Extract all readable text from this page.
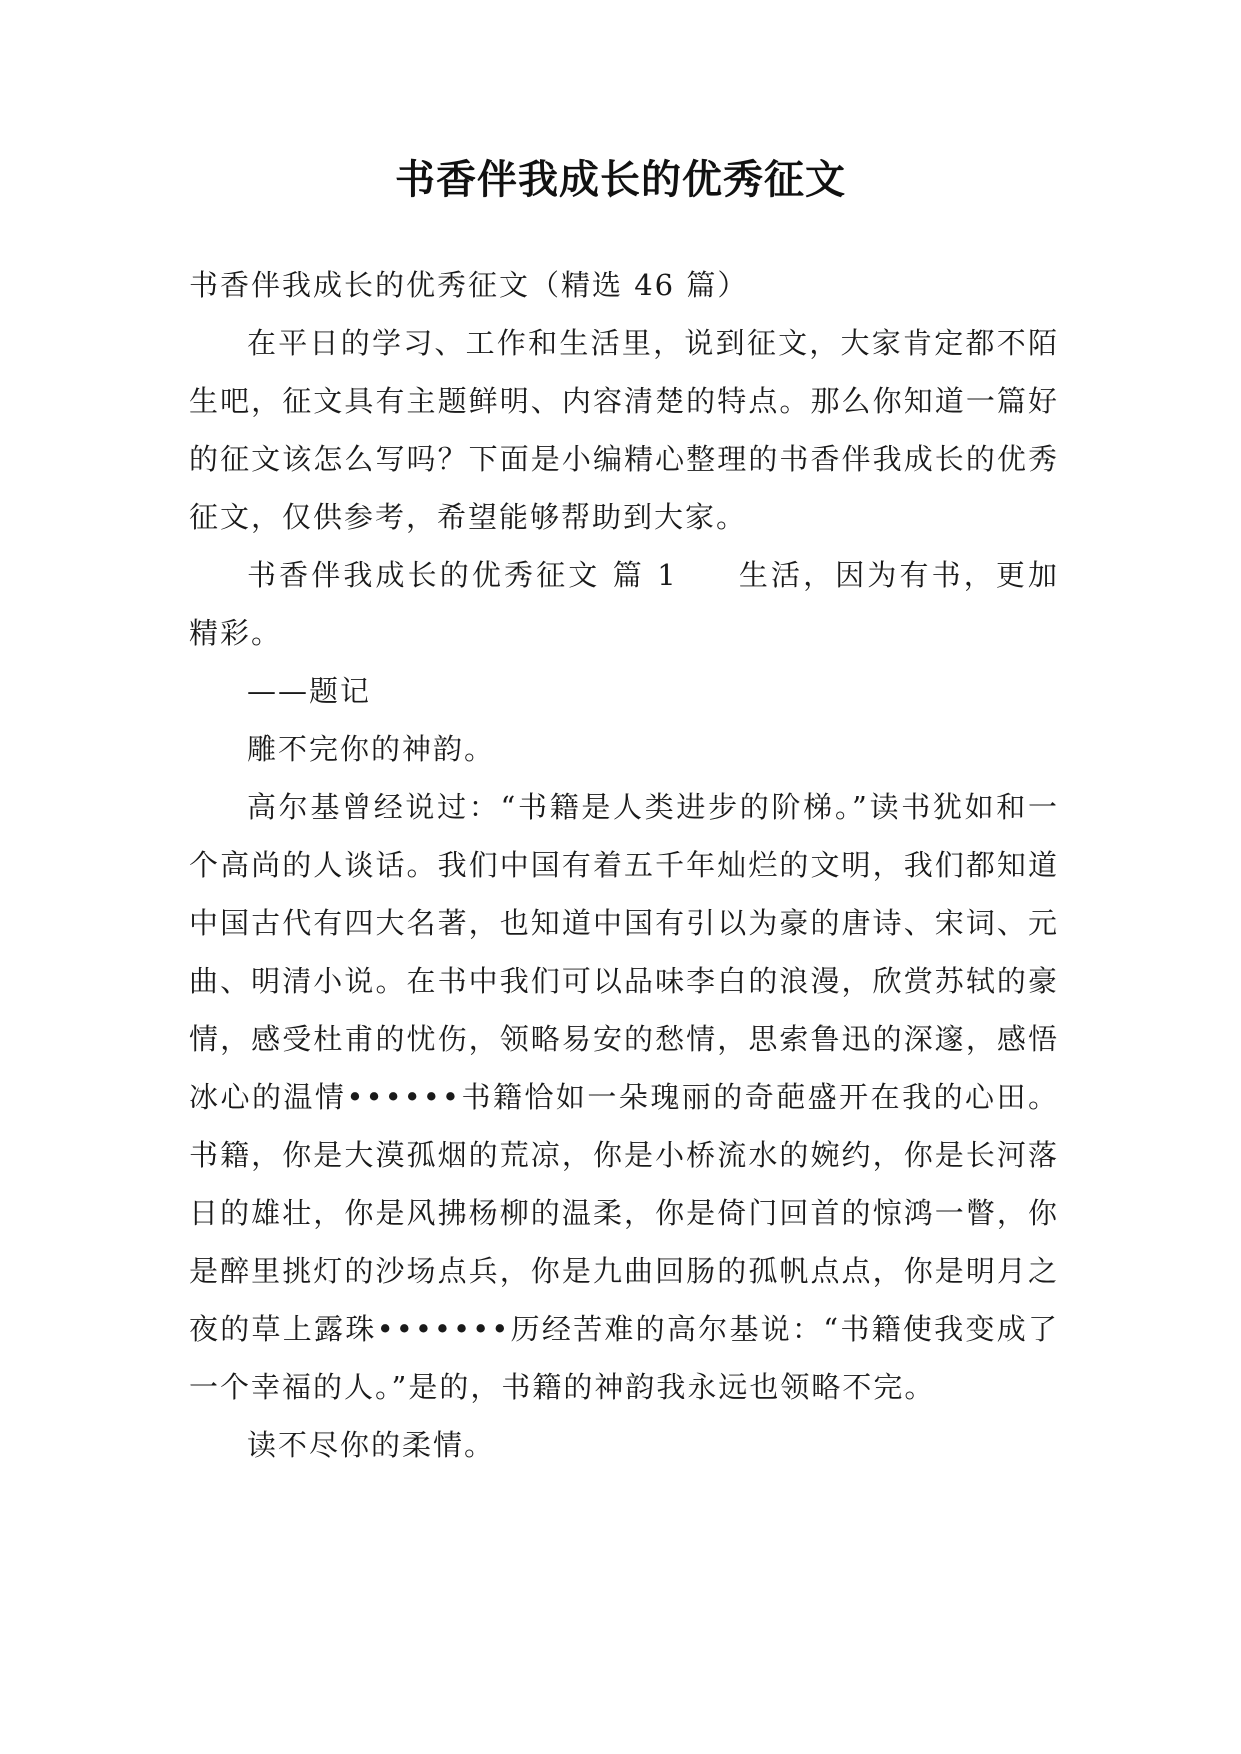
书香伴我成长的优秀征文

书香伴我成长的优秀征文（精选 46 篇）

在平日的学习、工作和生活里，说到征文，大家肯定都不陌生吧，征文具有主题鲜明、内容清楚的特点。那么你知道一篇好的征文该怎么写吗？下面是小编精心整理的书香伴我成长的优秀征文，仅供参考，希望能够帮助到大家。

书香伴我成长的优秀征文 篇 1 生活，因为有书，更加精彩。

——题记

雕不完你的神韵。

高尔基曾经说过：“书籍是人类进步的阶梯。”读书犹如和一个高尚的人谈话。我们中国有着五千年灿烂的文明，我们都知道中国古代有四大名著，也知道中国有引以为豪的唐诗、宋词、元曲、明清小说。在书中我们可以品味李白的浪漫，欣赏苏轼的豪情，感受杜甫的忧伤，领略易安的愁情，思索鲁迅的深邃，感悟冰心的温情••••••书籍恰如一朵瑰丽的奇葩盛开在我的心田。书籍，你是大漠孤烟的荒凉，你是小桥流水的婉约，你是长河落日的雄壮，你是风拂杨柳的温柔，你是倚门回首的惊鸿一瞥，你是醉里挑灯的沙场点兵，你是九曲回肠的孤帆点点，你是明月之夜的草上露珠•••••••历经苦难的高尔基说：“书籍使我变成了一个幸福的人。”是的，书籍的神韵我永远也领略不完。

读不尽你的柔情。
